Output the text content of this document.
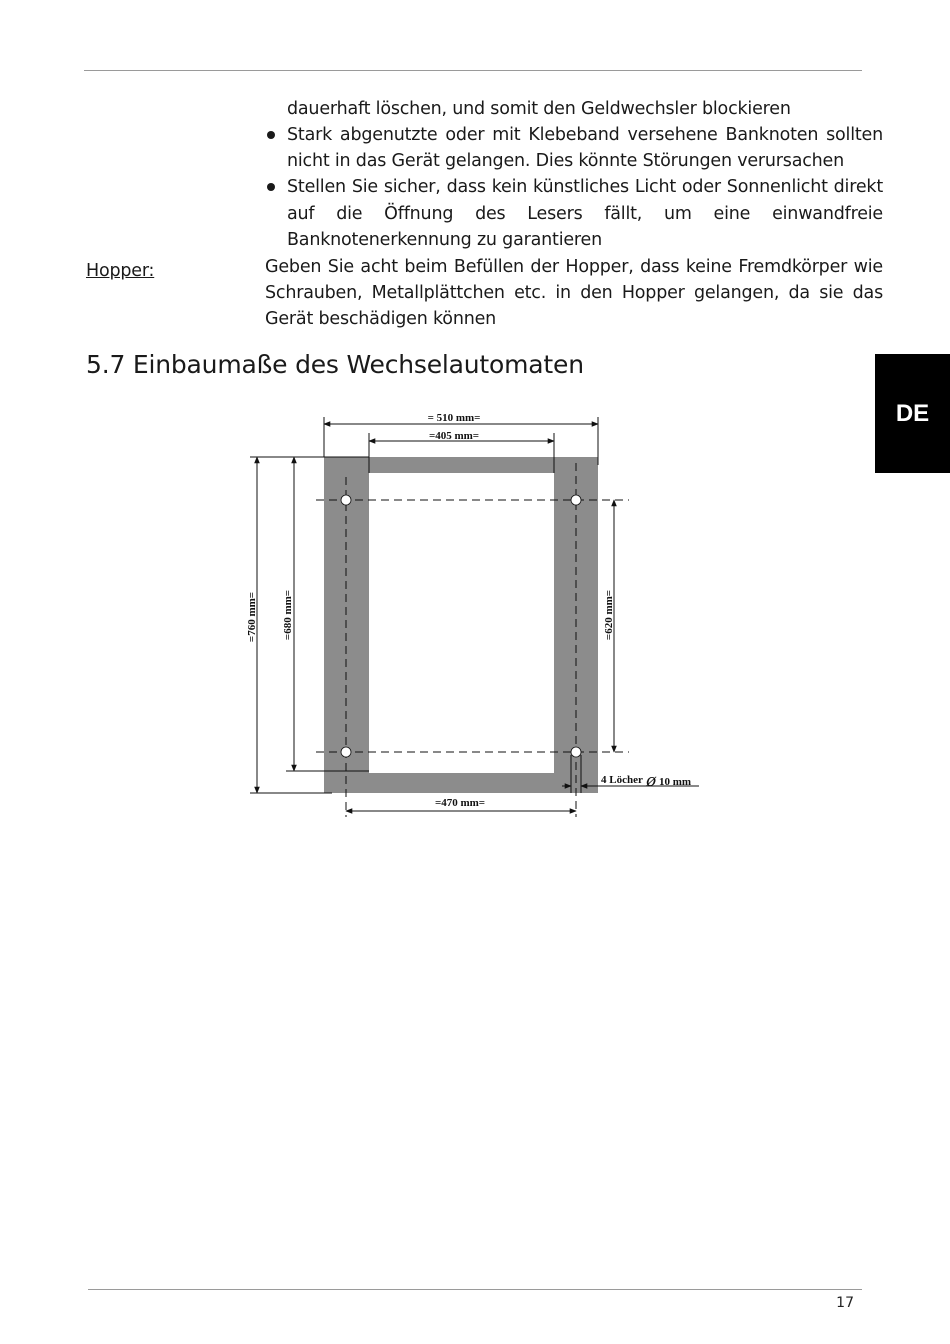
dauerhaft löschen, und somit den Geldwechsler blockieren
Stark abgenutzte oder mit Klebeband versehene Banknoten sollten nicht in das Gerät gelangen. Dies könnte Störungen verursachen
Stellen Sie sicher, dass kein künstliches Licht oder Sonnenlicht direkt auf die Öffnung des Lesers fällt, um eine einwandfreie Banknotenerkennung zu garantieren
Hopper:	Geben Sie acht beim Befüllen der Hopper, dass keine Fremdkörper wie Schrauben, Metallplättchen etc. in den Hopper gelangen, da sie das Gerät beschädigen können
5.7 Einbaumaße des Wechselautomaten
DE
= 510 mm=
=405 mm=
=760 mm= =680 mm=	=620 mm=
=470 mm=
4 Löcher ø 10 mm
17
